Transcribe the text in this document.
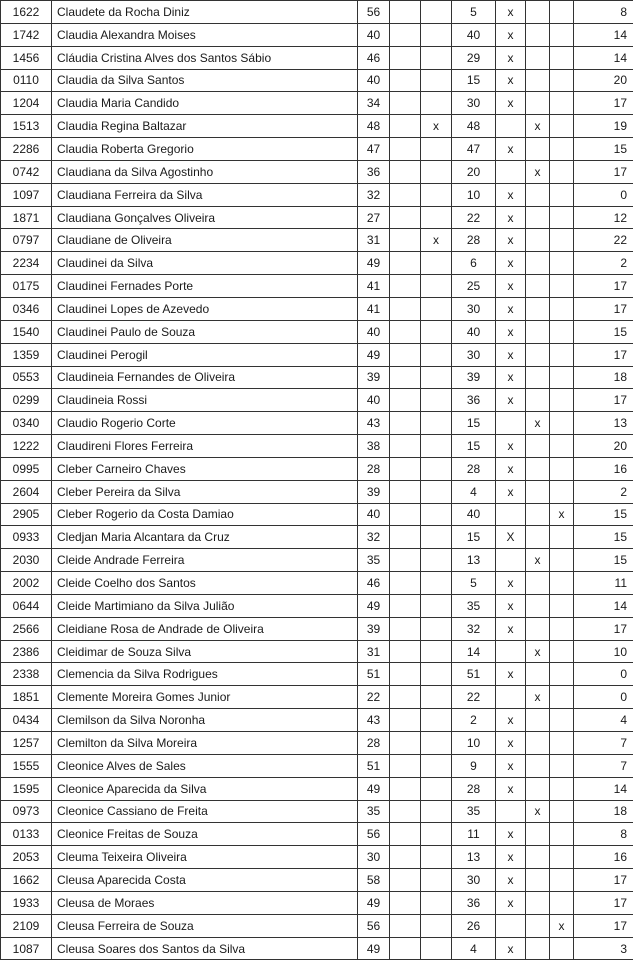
1622	Claudete da Rocha Diniz	56			5	x			8
1742	Claudia Alexandra Moises	40			40	x			14
1456	Cláudia Cristina Alves dos Santos Sábio	46			29	x			14
0110	Claudia da Silva Santos	40			15	x			20
1204	Claudia Maria Candido	34			30	x			17
1513	Claudia Regina Baltazar	48		x	48		x		19
2286	Claudia Roberta Gregorio	47			47	x			15
0742	Claudiana da Silva Agostinho	36			20		x		17
1097	Claudiana Ferreira da Silva	32			10	x			0
1871	Claudiana Gonçalves Oliveira	27			22	x			12
0797	Claudiane de Oliveira	31		x	28	x			22
2234	Claudinei da Silva	49			6	x			2
0175	Claudinei Fernades Porte	41			25	x			17
0346	Claudinei Lopes de Azevedo	41			30	x			17
1540	Claudinei Paulo de Souza	40			40	x			15
1359	Claudinei Perogil	49			30	x			17
0553	Claudineia Fernandes de Oliveira	39			39	x			18
0299	Claudineia Rossi	40			36	x			17
0340	Claudio Rogerio Corte	43			15		x		13
1222	Claudireni Flores Ferreira	38			15	x			20
0995	Cleber Carneiro Chaves	28			28	x			16
2604	Cleber Pereira da Silva	39			4	x			2
2905	Cleber Rogerio da Costa Damiao	40			40			x	15
0933	Cledjan Maria Alcantara da Cruz	32			15	X			15
2030	Cleide Andrade Ferreira	35			13		x		15
2002	Cleide Coelho dos Santos	46			5	x			11
0644	Cleide Martimiano da Silva Julião	49			35	x			14
2566	Cleidiane Rosa de Andrade de Oliveira	39			32	x			17
2386	Cleidimar de Souza Silva	31			14		x		10
2338	Clemencia da Silva Rodrigues	51			51	x			0
1851	Clemente Moreira Gomes Junior	22			22		x		0
0434	Clemilson da Silva Noronha	43			2	x			4
1257	Clemilton da Silva Moreira	28			10	x			7
1555	Cleonice Alves de Sales	51			9	x			7
1595	Cleonice Aparecida da Silva	49			28	x			14
0973	Cleonice Cassiano de Freita	35			35		x		18
0133	Cleonice Freitas de Souza	56			11	x			8
2053	Cleuma Teixeira Oliveira	30			13	x			16
1662	Cleusa Aparecida Costa	58			30	x			17
1933	Cleusa de Moraes	49			36	x			17
2109	Cleusa Ferreira de Souza	56			26			x	17
1087	Cleusa Soares dos Santos da Silva	49			4	x			3
